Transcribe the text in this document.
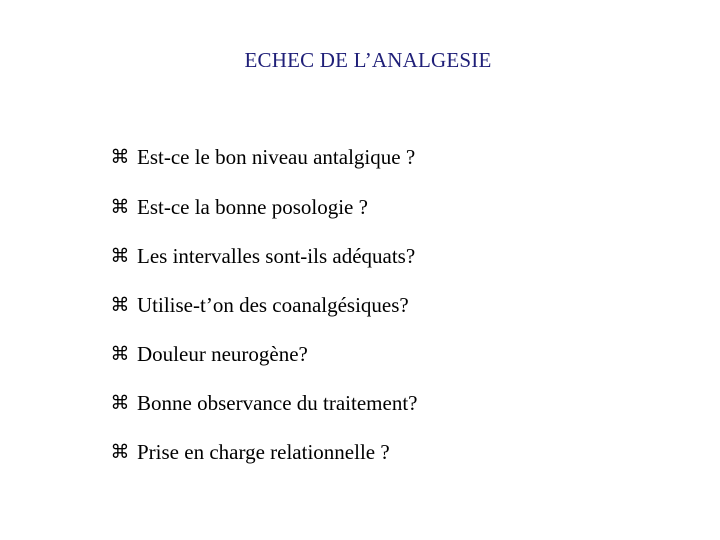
ECHEC DE L’ANALGESIE
⌘ Est-ce le bon niveau antalgique ?
⌘ Est-ce la bonne posologie ?
⌘ Les intervalles sont-ils adéquats?
⌘ Utilise-t’on des coanalgésiques?
⌘ Douleur neurogène?
⌘ Bonne observance du traitement?
⌘ Prise en charge relationnelle ?
